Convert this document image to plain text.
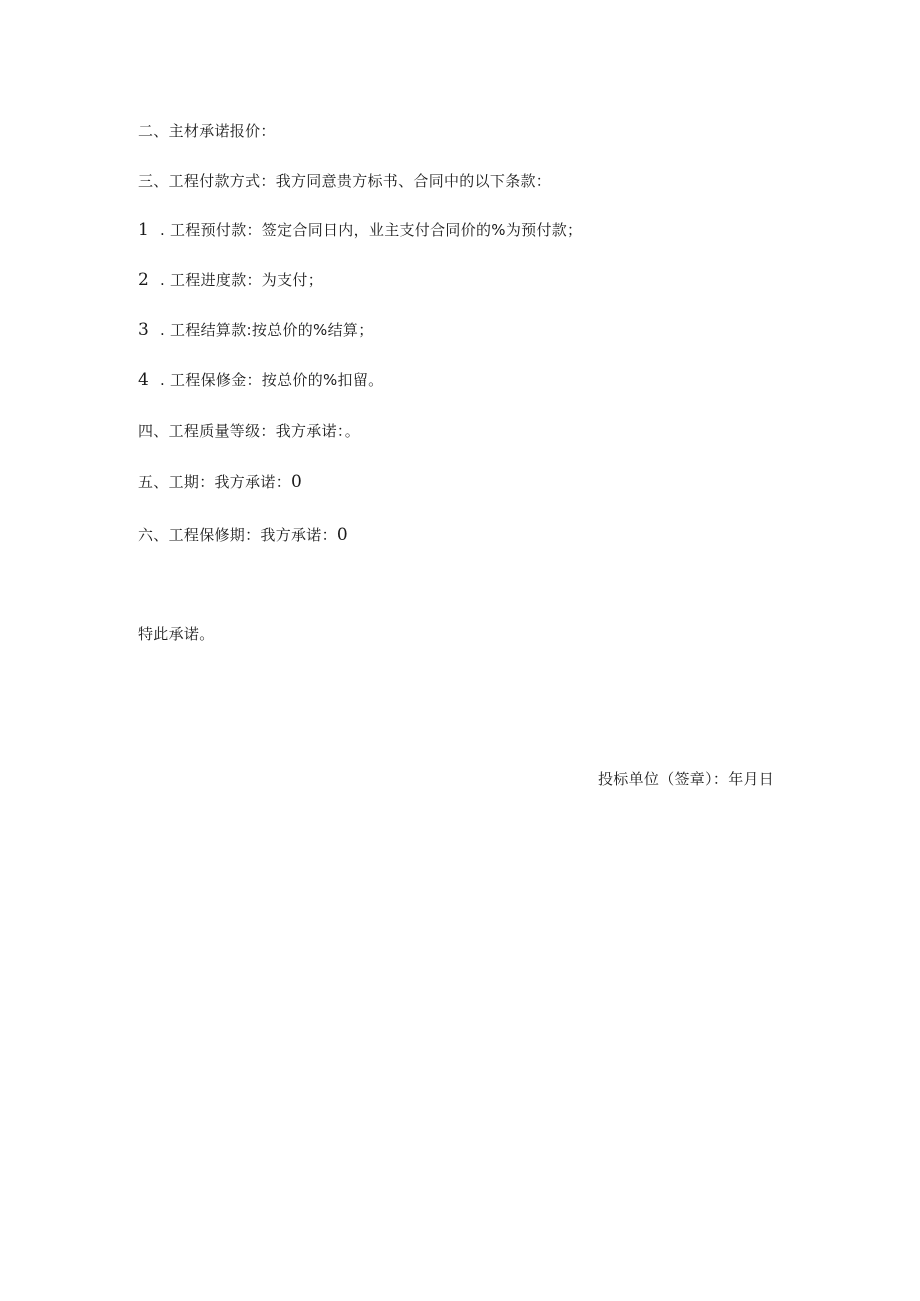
二、主材承诺报价：
三、工程付款方式：我方同意贵方标书、合同中的以下条款：
1 . 工程预付款：签定合同日内，业主支付合同价的%为预付款；
2 . 工程进度款：为支付；
3 . 工程结算款:按总价的%结算；
4 . 工程保修金：按总价的%扣留。
四、工程质量等级：我方承诺：。
五、工期：我方承诺：0
六、工程保修期：我方承诺：0
特此承诺。
投标单位（签章）：年月日
